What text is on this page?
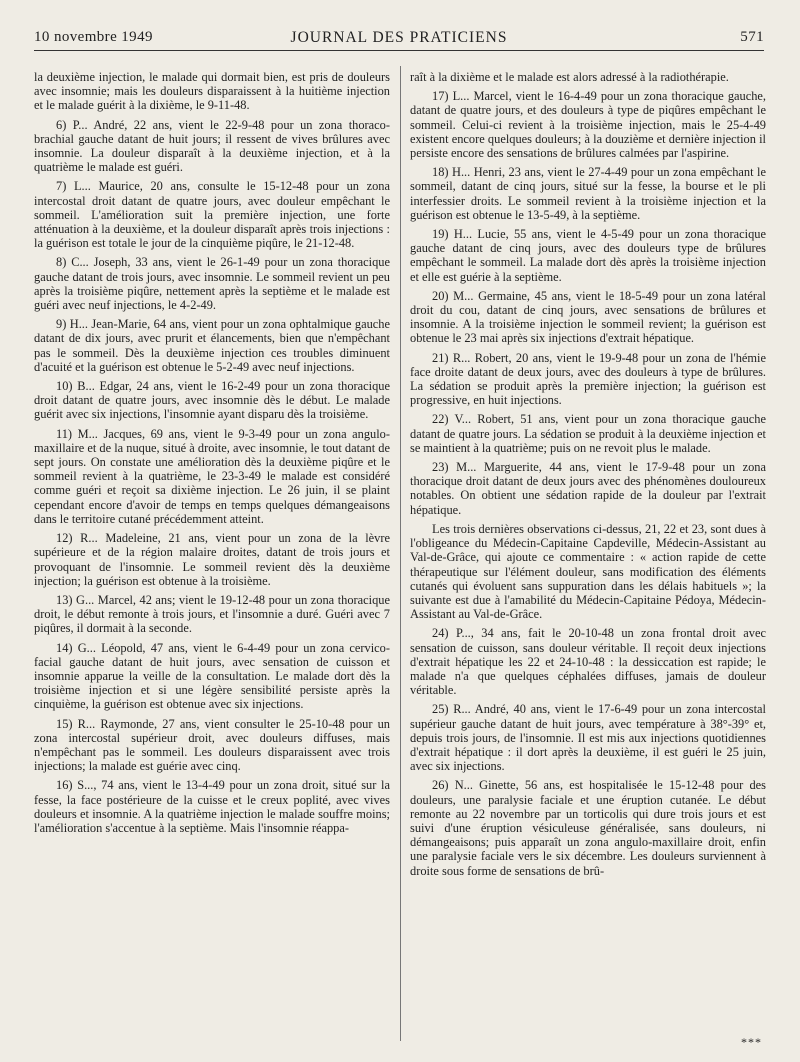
10 novembre 1949	JOURNAL DES PRATICIENS	571

la deuxième injection, le malade qui dormait bien, est pris de douleurs avec insomnie; mais les douleurs disparaissent à la huitième injection et le malade guérit à la dixième, le 9-11-48.

6) P... André, 22 ans, vient le 22-9-48 pour un zona thoraco-brachial gauche datant de huit jours; il ressent de vives brûlures avec insomnie. La douleur disparaît à la deuxième injection, et à la quatrième le malade est guéri.

7) L... Maurice, 20 ans, consulte le 15-12-48 pour un zona intercostal droit datant de quatre jours, avec douleur empêchant le sommeil. L'amélioration suit la première injection, une forte atténuation à la deuxième, et la douleur disparaît après trois injections : la guérison est totale le jour de la cinquième piqûre, le 21-12-48.

8) C... Joseph, 33 ans, vient le 26-1-49 pour un zona thoracique gauche datant de trois jours, avec insomnie. Le sommeil revient un peu après la troisième piqûre, nettement après la septième et le malade est guéri avec neuf injections, le 4-2-49.

9) H... Jean-Marie, 64 ans, vient pour un zona ophtalmique gauche datant de dix jours, avec prurit et élancements, bien que n'empêchant pas le sommeil. Dès la deuxième injection ces troubles diminuent d'acuité et la guérison est obtenue le 5-2-49 avec neuf injections.

10) B... Edgar, 24 ans, vient le 16-2-49 pour un zona thoracique droit datant de quatre jours, avec insomnie dès le début. Le malade guérit avec six injections, l'insomnie ayant disparu dès la troisième.

11) M... Jacques, 69 ans, vient le 9-3-49 pour un zona angulo-maxillaire et de la nuque, situé à droite, avec insomnie, le tout datant de sept jours. On constate une amélioration dès la deuxième piqûre et le sommeil revient à la quatrième, le 23-3-49 le malade est considéré comme guéri et reçoit sa dixième injection. Le 26 juin, il se plaint cependant encore d'avoir de temps en temps quelques démangeaisons dans le territoire cutané précédemment atteint.

12) R... Madeleine, 21 ans, vient pour un zona de la lèvre supérieure et de la région malaire droites, datant de trois jours et provoquant de l'insomnie. Le sommeil revient dès la deuxième injection; la guérison est obtenue à la troisième.

13) G... Marcel, 42 ans; vient le 19-12-48 pour un zona thoracique droit, le début remonte à trois jours, et l'insomnie a duré. Guéri avec 7 piqûres, il dormait à la seconde.

14) G... Léopold, 47 ans, vient le 6-4-49 pour un zona cervico-facial gauche datant de huit jours, avec sensation de cuisson et insomnie apparue la veille de la consultation. Le malade dort dès la troisième injection et si une légère sensibilité persiste après la cinquième, la guérison est obtenue avec six injections.

15) R... Raymonde, 27 ans, vient consulter le 25-10-48 pour un zona intercostal supérieur droit, avec douleurs diffuses, mais n'empêchant pas le sommeil. Les douleurs disparaissent avec trois injections; la malade est guérie avec cinq.

16) S..., 74 ans, vient le 13-4-49 pour un zona droit, situé sur la fesse, la face postérieure de la cuisse et le creux poplité, avec vives douleurs et insomnie. A la quatrième injection le malade souffre moins; l'amélioration s'accentue à la septième. Mais l'insomnie réappa-

raît à la dixième et le malade est alors adressé à la radiothérapie.

17) L... Marcel, vient le 16-4-49 pour un zona thoracique gauche, datant de quatre jours, et des douleurs à type de piqûres empêchant le sommeil. Celui-ci revient à la troisième injection, mais le 25-4-49 existent encore quelques douleurs; à la douzième et dernière injection il persiste encore des sensations de brûlures calmées par l'aspirine.

18) H... Henri, 23 ans, vient le 27-4-49 pour un zona empêchant le sommeil, datant de cinq jours, situé sur la fesse, la bourse et le pli interfessier droits. Le sommeil revient à la troisième injection et la guérison est obtenue le 13-5-49, à la septième.

19) H... Lucie, 55 ans, vient le 4-5-49 pour un zona thoracique gauche datant de cinq jours, avec des douleurs type de brûlures empêchant le sommeil. La malade dort dès après la troisième injection et elle est guérie à la septième.

20) M... Germaine, 45 ans, vient le 18-5-49 pour un zona latéral droit du cou, datant de cinq jours, avec sensations de brûlures et insomnie. A la troisième injection le sommeil revient; la guérison est obtenue le 23 mai après six injections d'extrait hépatique.

21) R... Robert, 20 ans, vient le 19-9-48 pour un zona de l'hémie face droite datant de deux jours, avec des douleurs à type de brûlures. La sédation se produit après la première injection; la guérison est progressive, en huit injections.

22) V... Robert, 51 ans, vient pour un zona thoracique gauche datant de quatre jours. La sédation se produit à la deuxième injection et se maintient à la quatrième; puis on ne revoit plus le malade.

23) M... Marguerite, 44 ans, vient le 17-9-48 pour un zona thoracique droit datant de deux jours avec des phénomènes douloureux notables. On obtient une sédation rapide de la douleur par l'extrait hépatique.

Les trois dernières observations ci-dessus, 21, 22 et 23, sont dues à l'obligeance du Médecin-Capitaine Capdeville, Médecin-Assistant au Val-de-Grâce, qui ajoute ce commentaire : « action rapide de cette thérapeutique sur l'élément douleur, sans modification des éléments cutanés qui évoluent sans suppuration dans les délais habituels »; la suivante est due à l'amabilité du Médecin-Capitaine Pédoya, Médecin-Assistant au Val-de-Grâce.

24) P..., 34 ans, fait le 20-10-48 un zona frontal droit avec sensation de cuisson, sans douleur véritable. Il reçoit deux injections d'extrait hépatique les 22 et 24-10-48 : la dessiccation est rapide; le malade n'a que quelques céphalées diffuses, jamais de douleur véritable.

25) R... André, 40 ans, vient le 17-6-49 pour un zona intercostal supérieur gauche datant de huit jours, avec température à 38°-39° et, depuis trois jours, de l'insomnie. Il est mis aux injections quotidiennes d'extrait hépatique : il dort après la deuxième, il est guéri le 25 juin, avec six injections.

26) N... Ginette, 56 ans, est hospitalisée le 15-12-48 pour des douleurs, une paralysie faciale et une éruption cutanée. Le début remonte au 22 novembre par un torticolis qui dure trois jours et est suivi d'une éruption vésiculeuse généralisée, sans douleurs, ni démangeaisons; puis apparaît un zona angulo-maxillaire droit, enfin une paralysie faciale vers le six décembre. Les douleurs surviennent à droite sous forme de sensations de brû-

***
